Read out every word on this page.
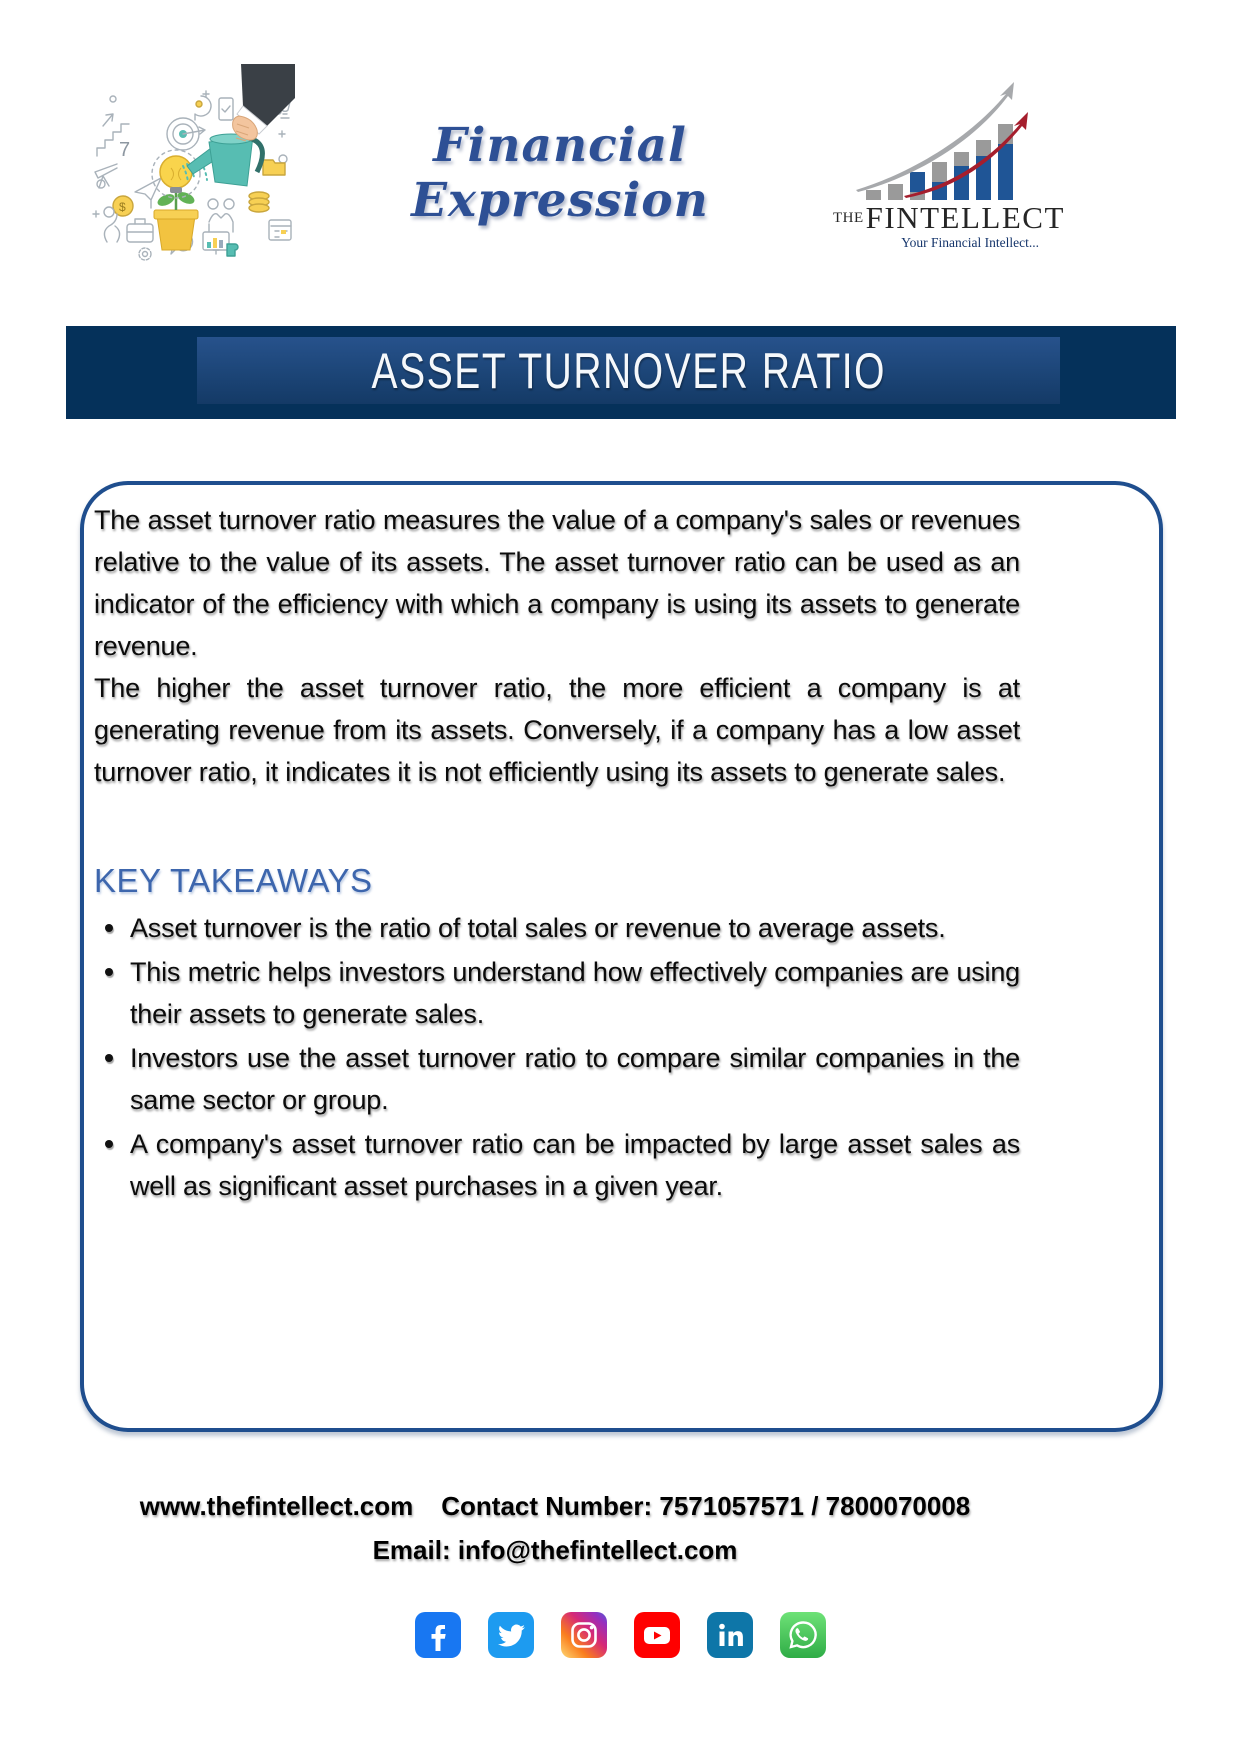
7
$
Financial Expression	THEFINTELLECT
Your Financial Intellect...
ASSET TURNOVER RATIO

The asset turnover ratio measures the value of a company's sales or revenues relative to the value of its assets. The asset turnover ratio can be used as an indicator of the efficiency with which a company is using its assets to generate revenue.

The higher the asset turnover ratio, the more efficient a company is at generating revenue from its assets. Conversely, if a company has a low asset turnover ratio, it indicates it is not efficiently using its assets to generate sales.

KEY TAKEAWAYS
Asset turnover is the ratio of total sales or revenue to average assets.
This metric helps investors understand how effectively companies are using their assets to generate sales.
Investors use the asset turnover ratio to compare similar companies in the same sector or group.
A company's asset turnover ratio can be impacted by large asset sales as well as significant asset purchases in a given year.
www.thefintellect.com Contact Number: 7571057571 / 7800070008
Email: info@thefintellect.com
